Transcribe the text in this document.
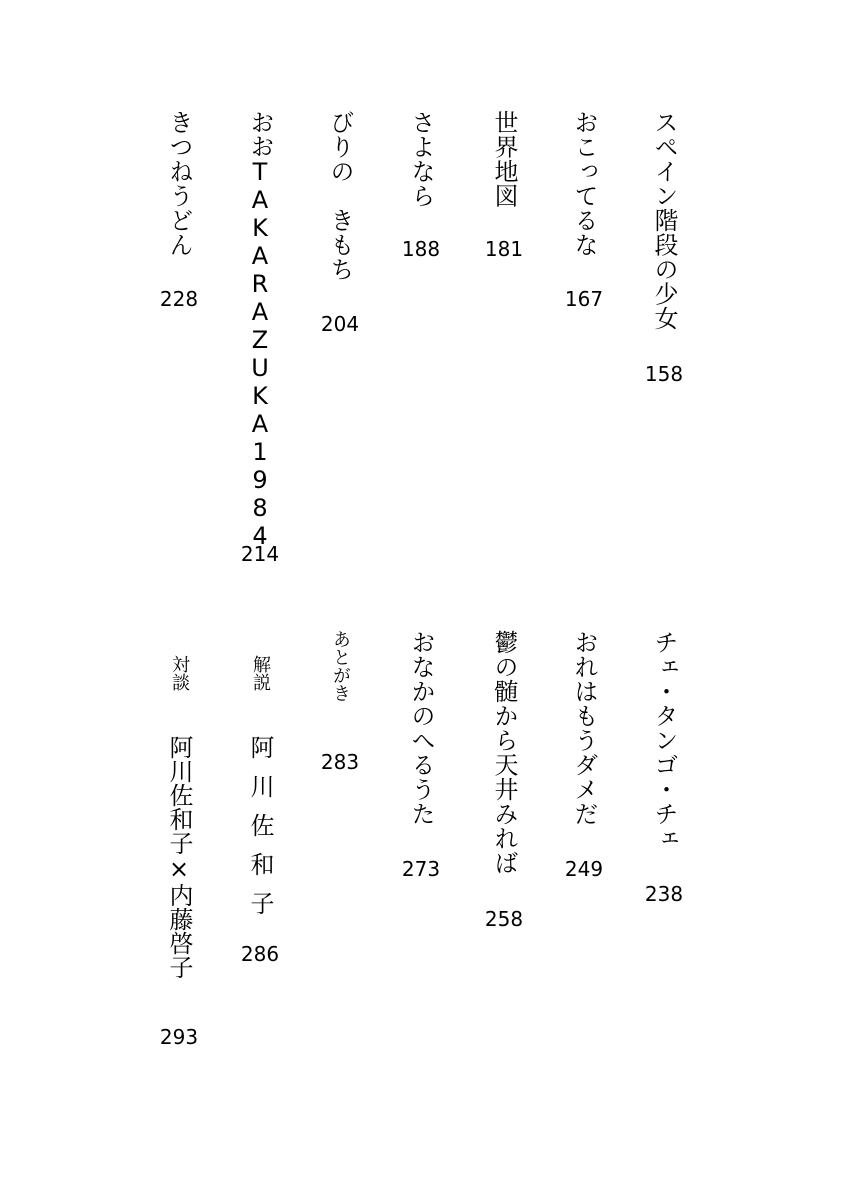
スペイン階段の少女
158
おこってるな
167
世界地図
181
さよなら
188
びりの　きもち
204
おおTAKARAZUKA1984
214
きつねうどん
228
チェ・タンゴ・チェ
238
おれはもうダメだ
249
鬱の髄から天井みれば
258
おなかのへるうた
273
あとがき
283
解説
阿川佐和子
286
対談
阿川佐和子×内藤啓子
293
